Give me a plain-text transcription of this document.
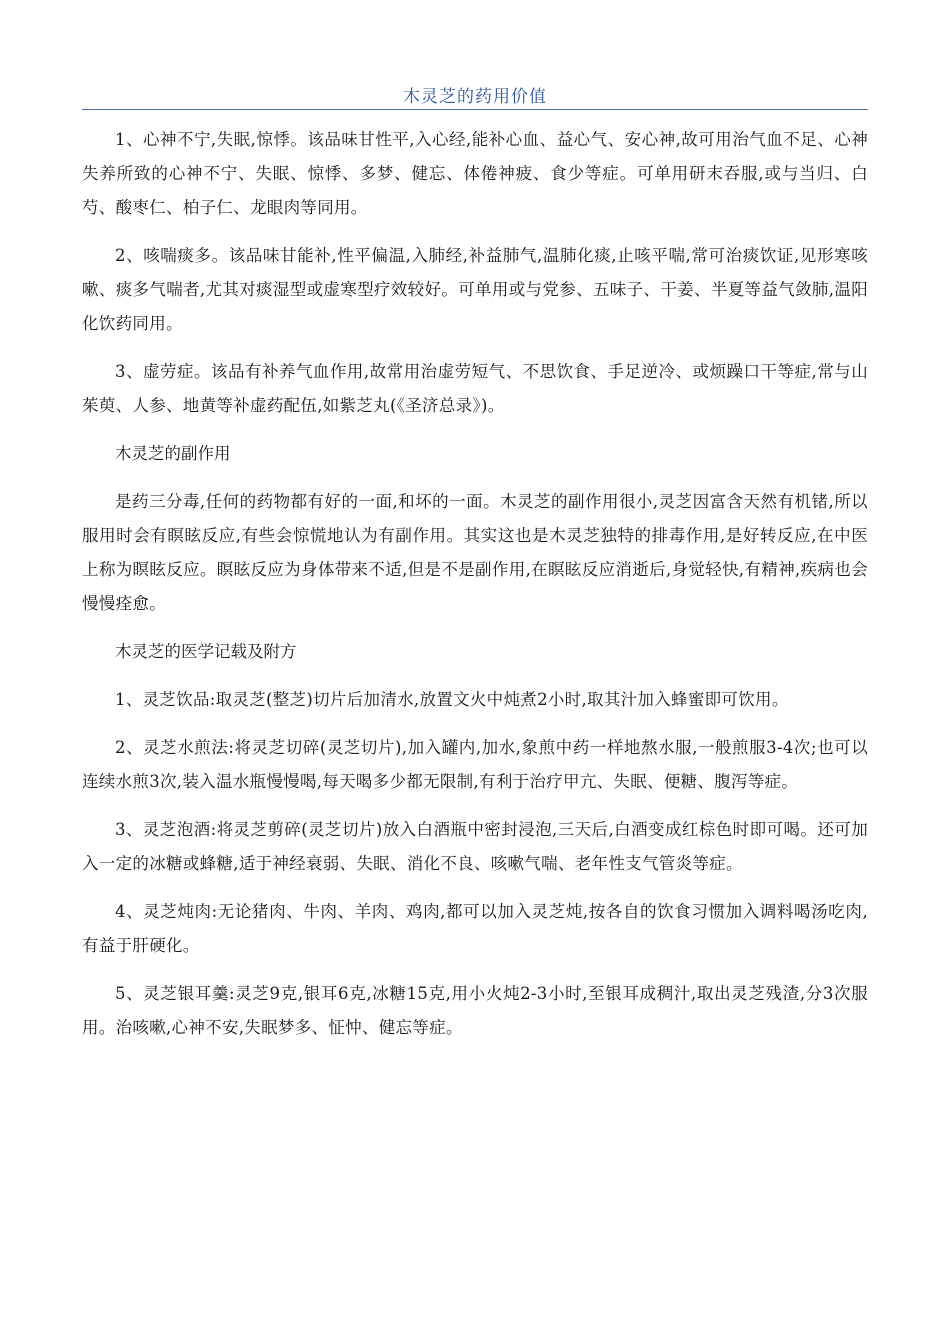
木灵芝的药用价值

1、心神不宁,失眠,惊悸。该品味甘性平,入心经,能补心血、益心气、安心神,故可用治气血不足、心神失养所致的心神不宁、失眠、惊悸、多梦、健忘、体倦神疲、食少等症。可单用研末吞服,或与当归、白芍、酸枣仁、柏子仁、龙眼肉等同用。

2、咳喘痰多。该品味甘能补,性平偏温,入肺经,补益肺气,温肺化痰,止咳平喘,常可治痰饮证,见形寒咳嗽、痰多气喘者,尤其对痰湿型或虚寒型疗效较好。可单用或与党参、五味子、干姜、半夏等益气敛肺,温阳化饮药同用。

3、虚劳症。该品有补养气血作用,故常用治虚劳短气、不思饮食、手足逆冷、或烦躁口干等症,常与山茱萸、人参、地黄等补虚药配伍,如紫芝丸(《圣济总录》)。

木灵芝的副作用

是药三分毒,任何的药物都有好的一面,和坏的一面。木灵芝的副作用很小,灵芝因富含天然有机锗,所以服用时会有瞑眩反应,有些会惊慌地认为有副作用。其实这也是木灵芝独特的排毒作用,是好转反应,在中医上称为瞑眩反应。瞑眩反应为身体带来不适,但是不是副作用,在瞑眩反应消逝后,身觉轻快,有精神,疾病也会慢慢痊愈。

木灵芝的医学记载及附方

1、灵芝饮品:取灵芝(整芝)切片后加清水,放置文火中炖煮2小时,取其汁加入蜂蜜即可饮用。

2、灵芝水煎法:将灵芝切碎(灵芝切片),加入罐内,加水,象煎中药一样地熬水服,一般煎服3-4次;也可以连续水煎3次,装入温水瓶慢慢喝,每天喝多少都无限制,有利于治疗甲亢、失眠、便糖、腹泻等症。

3、灵芝泡酒:将灵芝剪碎(灵芝切片)放入白酒瓶中密封浸泡,三天后,白酒变成红棕色时即可喝。还可加入一定的冰糖或蜂糖,适于神经衰弱、失眠、消化不良、咳嗽气喘、老年性支气管炎等症。

4、灵芝炖肉:无论猪肉、牛肉、羊肉、鸡肉,都可以加入灵芝炖,按各自的饮食习惯加入调料喝汤吃肉,有益于肝硬化。

5、灵芝银耳羹:灵芝9克,银耳6克,冰糖15克,用小火炖2-3小时,至银耳成稠汁,取出灵芝残渣,分3次服用。治咳嗽,心神不安,失眠梦多、怔忡、健忘等症。
